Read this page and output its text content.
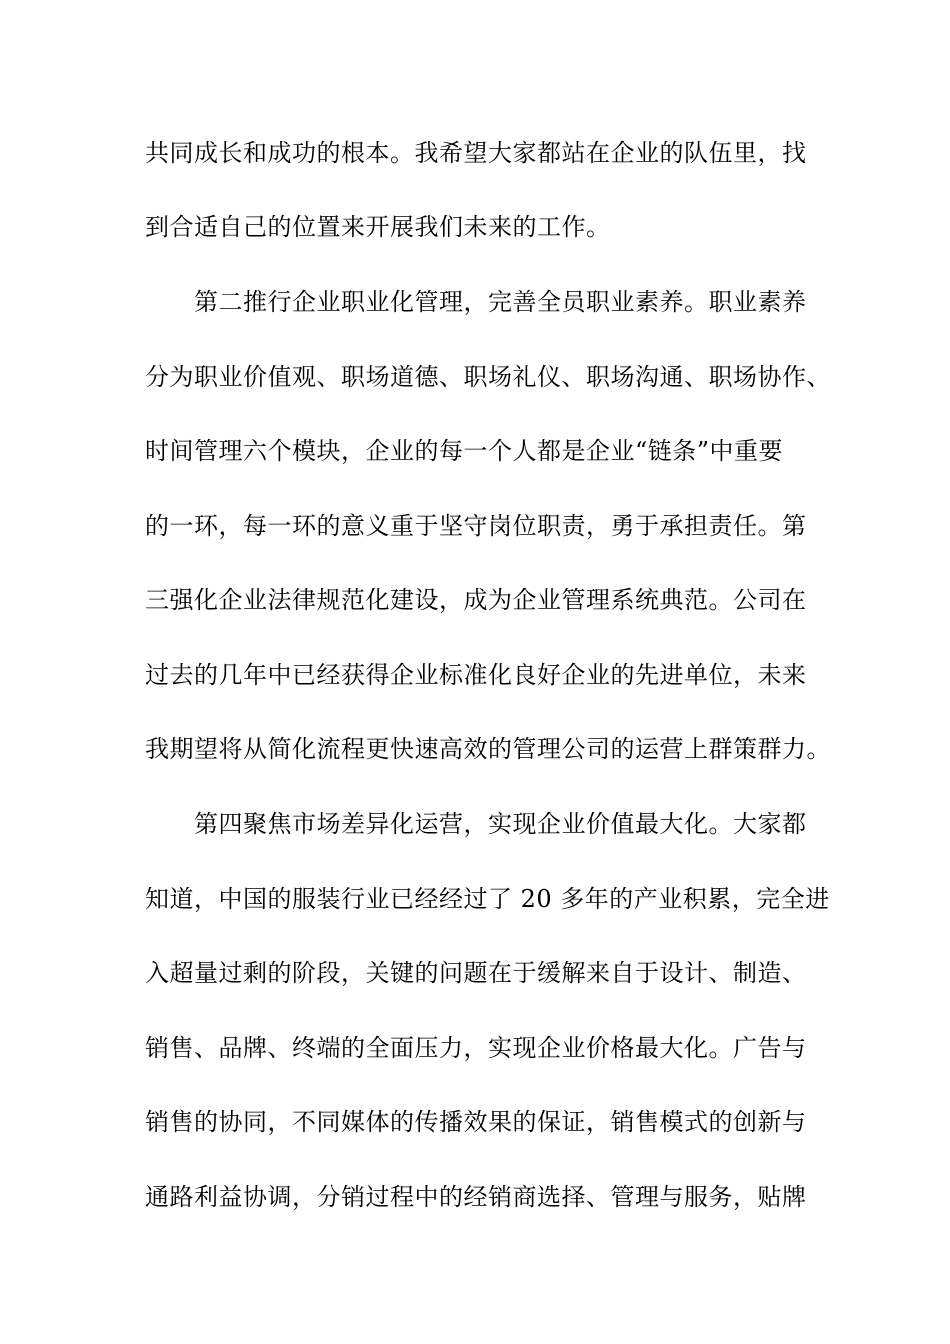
共同成长和成功的根本。我希望大家都站在企业的队伍里，找
到合适自己的位置来开展我们未来的工作。
第二推行企业职业化管理，完善全员职业素养。职业素养
分为职业价值观、职场道德、职场礼仪、职场沟通、职场协作、
时间管理六个模块，企业的每一个人都是企业“链条”中重要
的一环，每一环的意义重于坚守岗位职责，勇于承担责任。第
三强化企业法律规范化建设，成为企业管理系统典范。公司在
过去的几年中已经获得企业标准化良好企业的先进单位，未来
我期望将从简化流程更快速高效的管理公司的运营上群策群力。
第四聚焦市场差异化运营，实现企业价值最大化。大家都
知道，中国的服装行业已经经过了 20 多年的产业积累，完全进
入超量过剩的阶段，关键的问题在于缓解来自于设计、制造、
销售、品牌、终端的全面压力，实现企业价格最大化。广告与
销售的协同，不同媒体的传播效果的保证，销售模式的创新与
通路利益协调，分销过程中的经销商选择、管理与服务，贴牌
